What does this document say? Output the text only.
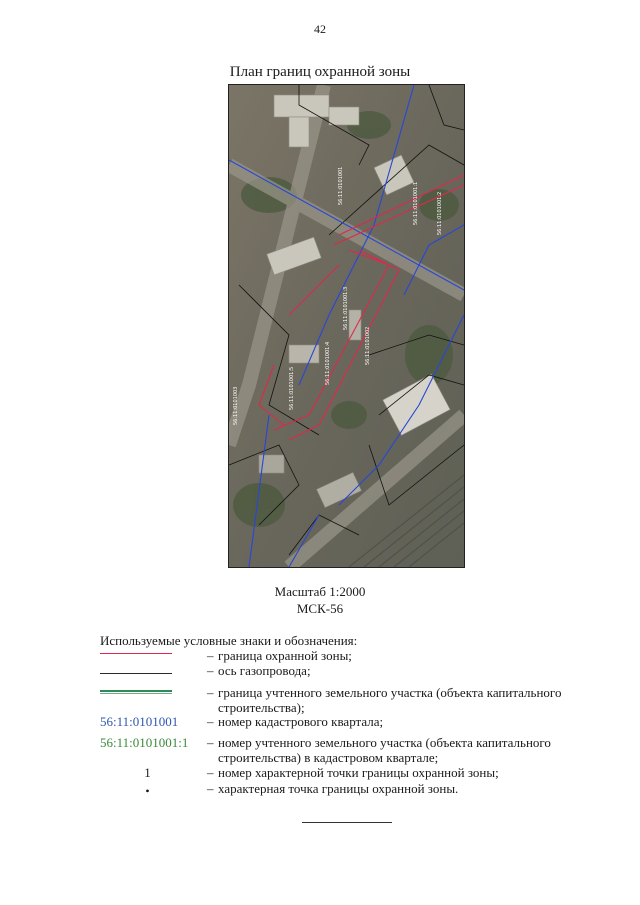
42
План границ охранной зоны
56:11:0101001	56:11:0101001:1	56:11:0101001:2
56:11:0101001:3
56:11:0101002
56:11:0101001:4
56:11:0101001:5
56:11:0101003
Масштаб 1:2000
МСК-56
Используемые условные знаки и обозначения:
– граница охранной зоны;
– ось газопровода;
– граница учтенного земельного участка (объекта капитального строительства);
56:11:0101001 – номер кадастрового квартала;
56:11:0101001:1 – номер учтенного земельного участка (объекта капитального строительства) в кадастровом квартале;
1	– номер характерной точки границы охранной зоны;
•	– характерная точка границы охранной зоны.
